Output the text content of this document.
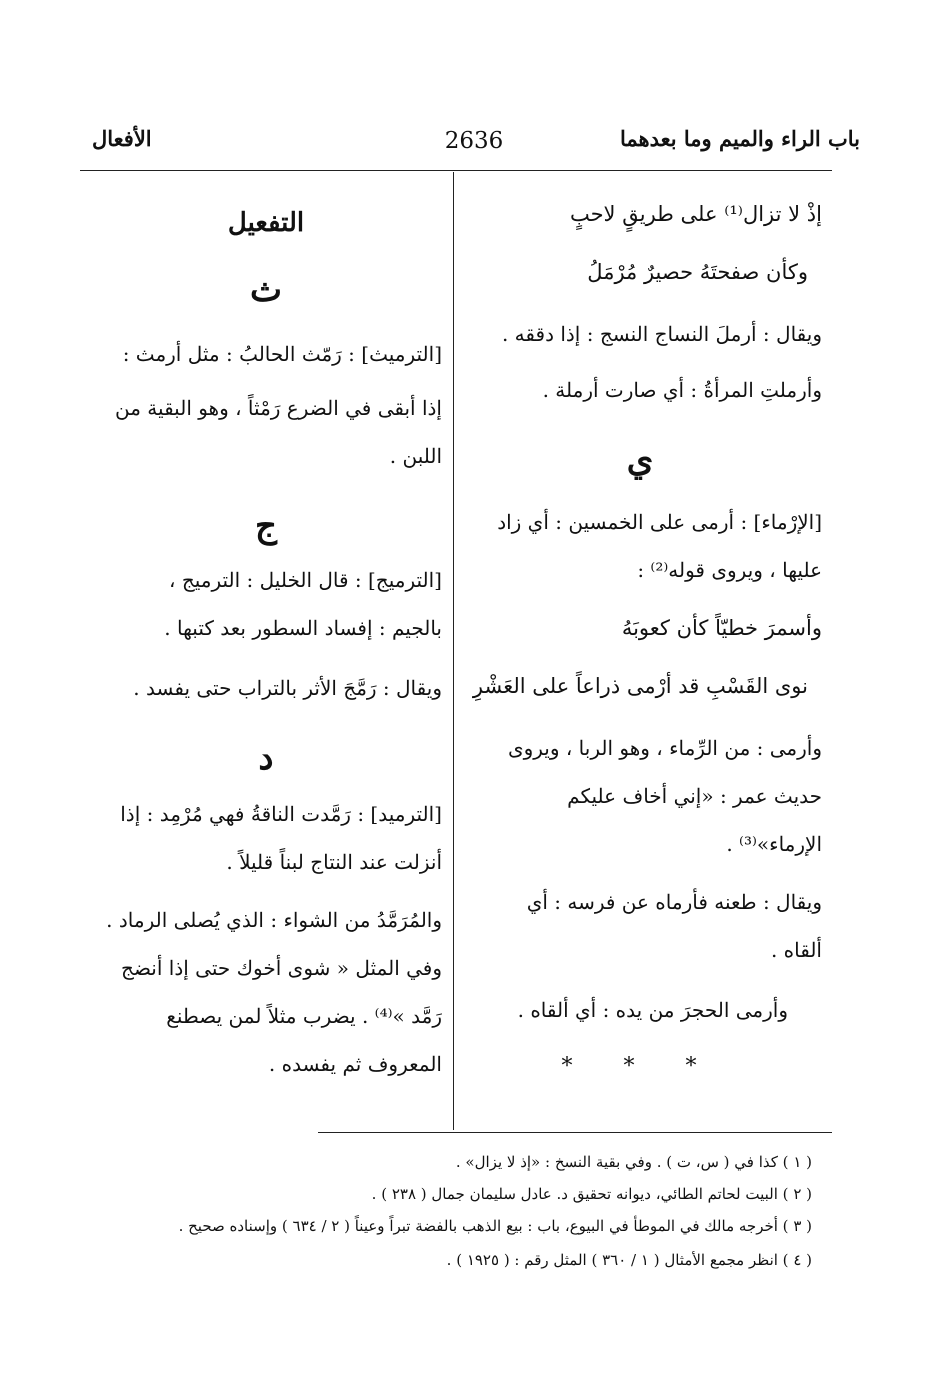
باب الراء والميم وما بعدهما
2636
الأفعال
إذْ لا تزال⁽¹⁾ على طريقٍ لاحبٍ
وكأن صفحتَهُ حصيرٌ مُرْمَلُ
ويقال : أرملَ النساج النسج : إذا دققه .
وأرملتِ المرأةُ : أي صارت أرملة .
ي
[الإرْماء] : أرمى على الخمسين : أي زاد
عليها ، ويروى قوله⁽²⁾ :
وأسمرَ خطيّاً كأن كعوبَهُ
نوى القَسْبِ قد أرْمى ذراعاً على العَشْرِ
وأرمى : من الرِّماء ، وهو الربا ، ويروى
حديث عمر : «إني أخاف عليكم
الإرماء»⁽³⁾ .
ويقال : طعنه فأرماه عن فرسه : أي
ألقاه .
وأرمى الحجرَ من يده : أي ألقاه .
* * *
التفعيل
ث
[الترميث] : رَمّث الحالبُ : مثل أرمث :
إذا أبقى في الضرع رَمْثاً ، وهو البقية من
اللبن .
ج
[الترميج] : قال الخليل : الترميج ،
بالجيم : إفساد السطور بعد كتبها .
ويقال : رَمَّجَ الأثر بالتراب حتى يفسد .
د
[الترميد] : رَمَّدت الناقةُ فهي مُرْمِد : إذا
أنزلت عند النتاج لبناً قليلاً .
والمُرَمَّدُ من الشواء : الذي يُصلى الرماد .
وفي المثل « شوى أخوك حتى إذا أنضج
رَمَّد »⁽⁴⁾ . يضرب مثلاً لمن يصطنع
المعروف ثم يفسده .
( ١ ) كذا في ( س، ت ) . وفي بقية النسخ : «إذ لا يزال» .
( ٢ ) البيت لحاتم الطائي، ديوانه تحقيق د. عادل سليمان جمال ( ٢٣٨ ) .
( ٣ ) أخرجه مالك في الموطأ في البيوع، باب : بيع الذهب بالفضة تبراً وعيناً ( ٢ / ٦٣٤ ) وإسناده صحيح .
( ٤ ) انظر مجمع الأمثال ( ١ / ٣٦٠ ) المثل رقم : ( ١٩٢٥ ) .
